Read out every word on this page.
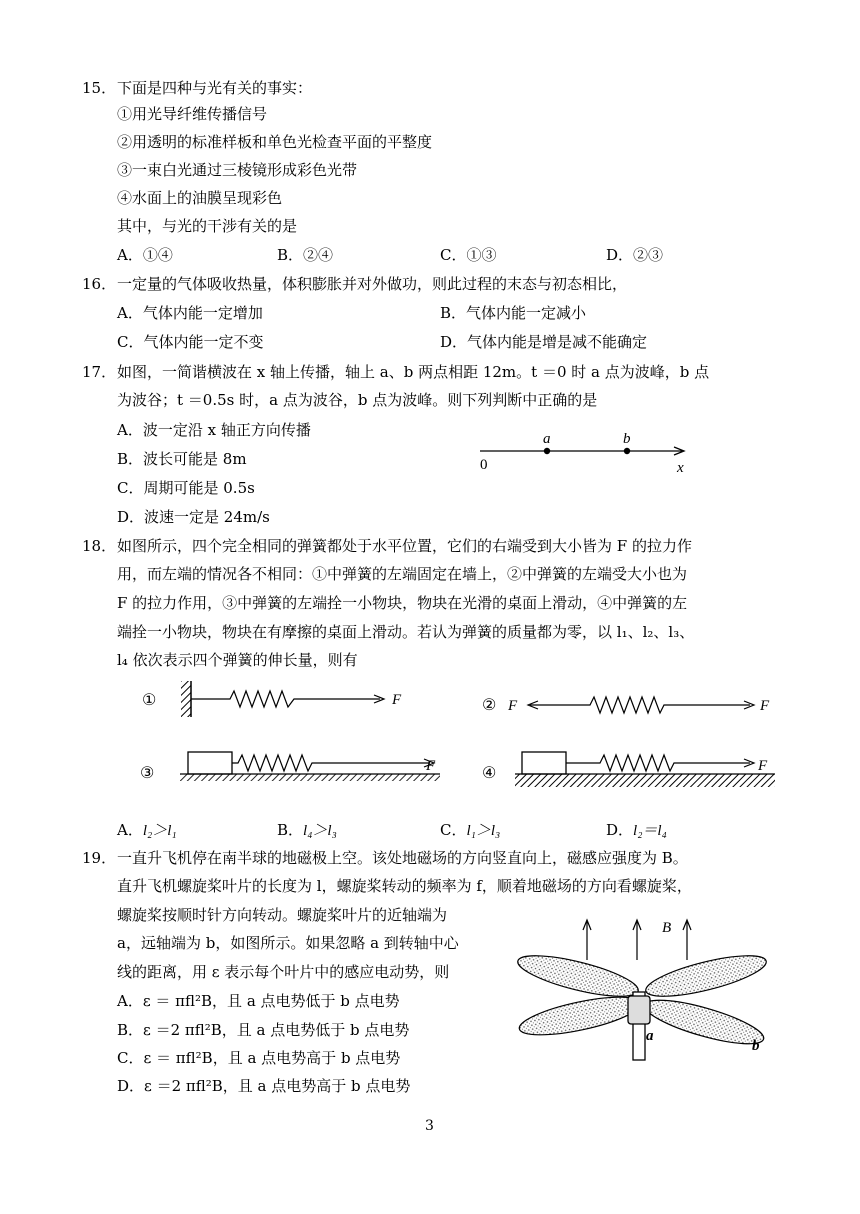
15． 下面是四种与光有关的事实：
①用光导纤维传播信号
②用透明的标准样板和单色光检查平面的平整度
③一束白光通过三棱镜形成彩色光带
④水面上的油膜呈现彩色
其中，与光的干涉有关的是
A．①④	B．②④	C．①③	D．②③
16． 一定量的气体吸收热量，体积膨胀并对外做功，则此过程的末态与初态相比，
A．气体内能一定增加	B．气体内能一定减小
C．气体内能一定不变	D．气体内能是增是减不能确定
17． 如图，一简谐横波在 x 轴上传播，轴上 a、b 两点相距 12m。t ＝0 时 a 点为波峰，b 点
为波谷；t ＝0.5s 时，a 点为波谷，b 点为波峰。则下列判断中正确的是
A．波一定沿 x 轴正方向传播
B．波长可能是 8m
C．周期可能是 0.5s
D．波速一定是 24m/s
a	b
0	x
18． 如图所示，四个完全相同的弹簧都处于水平位置，它们的右端受到大小皆为 F 的拉力作
用，而左端的情况各不相同：①中弹簧的左端固定在墙上，②中弹簧的左端受大小也为
F 的拉力作用，③中弹簧的左端拴一小物块，物块在光滑的桌面上滑动，④中弹簧的左
端拴一小物块，物块在有摩擦的桌面上滑动。若认为弹簧的质量都为零，以 l₁、l₂、l₃、
l₄ 依次表示四个弹簧的伸长量，则有
①	F	② F	F
③	F	④	F
A．l₂＞l₁	B．l₄＞l₃	C．l₁＞l₃	D．l₂＝l₄
19． 一直升飞机停在南半球的地磁极上空。该处地磁场的方向竖直向上，磁感应强度为 B。
直升飞机螺旋桨叶片的长度为 l，螺旋桨转动的频率为 f，顺着地磁场的方向看螺旋桨，
螺旋桨按顺时针方向转动。螺旋桨叶片的近轴端为
a，远轴端为 b，如图所示。如果忽略 a 到转轴中心
线的距离，用 ε 表示每个叶片中的感应电动势，则
A．ε ＝ πfl²B，且 a 点电势低于 b 点电势
B．ε ＝2 πfl²B，且 a 点电势低于 b 点电势
C．ε ＝ πfl²B，且 a 点电势高于 b 点电势
D．ε ＝2 πfl²B，且 a 点电势高于 b 点电势
B
a
b
3
